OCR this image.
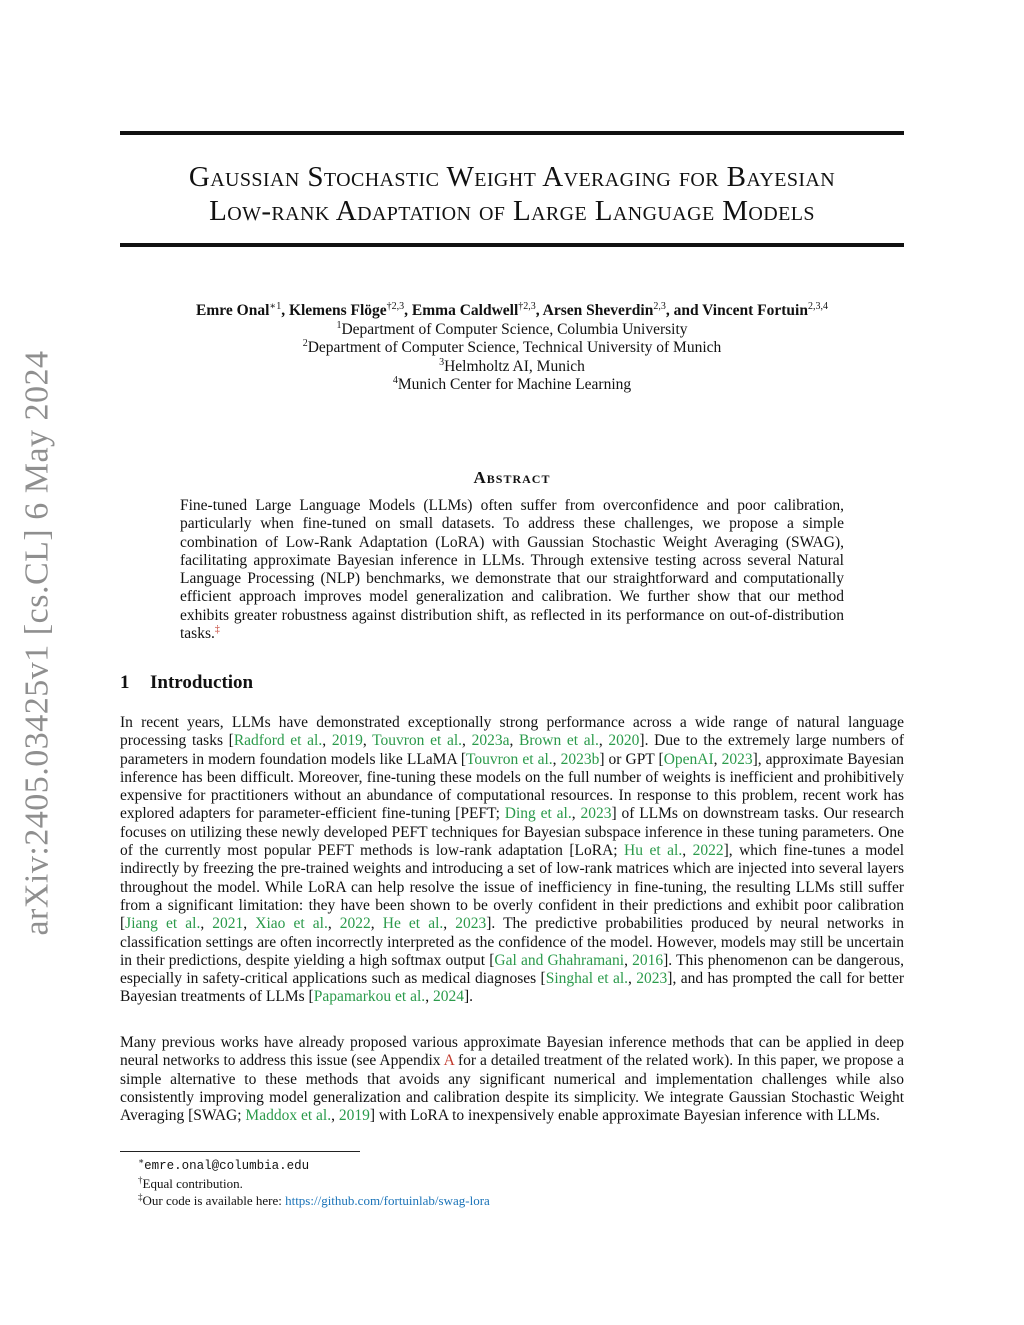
arXiv:2405.03425v1 [cs.CL] 6 May 2024
Gaussian Stochastic Weight Averaging for Bayesian
Low-rank Adaptation of Large Language Models
Emre Onal$^{∗1}$, Klemens Flöge$^{\dagger 2,3}$, Emma Caldwell$^{\dagger 2,3}$, Arsen Sheverdin$^{2,3}$, and Vincent Fortuin$^{2,3,4}$
$^1$Department of Computer Science, Columbia University
$^2$Department of Computer Science, Technical University of Munich
$^3$Helmholtz AI, Munich
$^4$Munich Center for Machine Learning
Abstract
Fine-tuned Large Language Models (LLMs) often suffer from overconfidence and poor calibration, particularly when fine-tuned on small datasets. To address these challenges, we propose a simple combination of Low-Rank Adaptation (LoRA) with Gaussian Stochastic Weight Averaging (SWAG), facilitating approximate Bayesian inference in LLMs. Through extensive testing across several Natural Language Processing (NLP) benchmarks, we demonstrate that our straightforward and computationally efficient approach improves model generalization and calibration. We further show that our method exhibits greater robustness against distribution shift, as reflected in its performance on out-of-distribution tasks.‡
1 Introduction
In recent years, LLMs have demonstrated exceptionally strong performance across a wide range of natural language processing tasks [Radford et al., 2019, Touvron et al., 2023a, Brown et al., 2020]. Due to the extremely large numbers of parameters in modern foundation models like LLaMA [Touvron et al., 2023b] or GPT [OpenAI, 2023], approximate Bayesian inference has been difficult. Moreover, fine-tuning these models on the full number of weights is inefficient and prohibitively expensive for practitioners without an abundance of computational resources. In response to this problem, recent work has explored adapters for parameter-efficient fine-tuning [PEFT; Ding et al., 2023] of LLMs on downstream tasks. Our research focuses on utilizing these newly developed PEFT techniques for Bayesian subspace inference in these tuning parameters. One of the currently most popular PEFT methods is low-rank adaptation [LoRA; Hu et al., 2022], which fine-tunes a model indirectly by freezing the pre-trained weights and introducing a set of low-rank matrices which are injected into several layers throughout the model. While LoRA can help resolve the issue of inefficiency in fine-tuning, the resulting LLMs still suffer from a significant limitation: they have been shown to be overly confident in their predictions and exhibit poor calibration [Jiang et al., 2021, Xiao et al., 2022, He et al., 2023]. The predictive probabilities produced by neural networks in classification settings are often incorrectly interpreted as the confidence of the model. However, models may still be uncertain in their predictions, despite yielding a high softmax output [Gal and Ghahramani, 2016]. This phenomenon can be dangerous, especially in safety-critical applications such as medical diagnoses [Singhal et al., 2023], and has prompted the call for better Bayesian treatments of LLMs [Papamarkou et al., 2024].
Many previous works have already proposed various approximate Bayesian inference methods that can be applied in deep neural networks to address this issue (see Appendix A for a detailed treatment of the related work). In this paper, we propose a simple alternative to these methods that avoids any significant numerical and implementation challenges while also consistently improving model generalization and calibration despite its simplicity. We integrate Gaussian Stochastic Weight Averaging [SWAG; Maddox et al., 2019] with LoRA to inexpensively enable approximate Bayesian inference with LLMs.
∗emre.onal@columbia.edu
†Equal contribution.
‡Our code is available here: https://github.com/fortuinlab/swag-lora
